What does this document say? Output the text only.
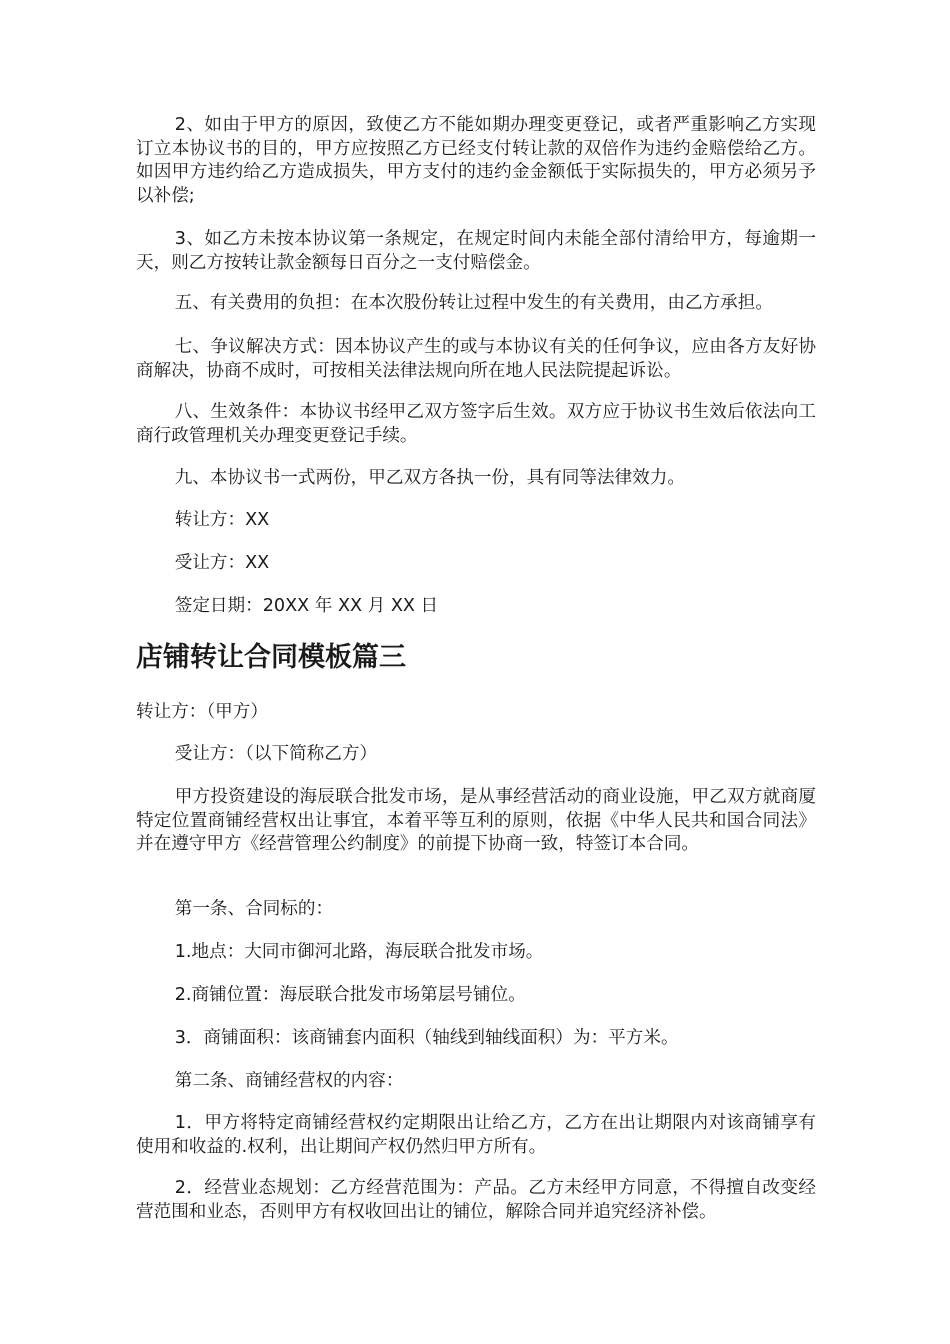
2、如由于甲方的原因，致使乙方不能如期办理变更登记，或者严重影响乙方实现订立本协议书的目的，甲方应按照乙方已经支付转让款的双倍作为违约金赔偿给乙方。如因甲方违约给乙方造成损失，甲方支付的违约金金额低于实际损失的，甲方必须另予以补偿;

3、如乙方未按本协议第一条规定，在规定时间内未能全部付清给甲方，每逾期一天，则乙方按转让款金额每日百分之一支付赔偿金。

五、有关费用的负担：在本次股份转让过程中发生的有关费用，由乙方承担。

七、争议解决方式：因本协议产生的或与本协议有关的任何争议，应由各方友好协商解决，协商不成时，可按相关法律法规向所在地人民法院提起诉讼。

八、生效条件：本协议书经甲乙双方签字后生效。双方应于协议书生效后依法向工商行政管理机关办理变更登记手续。

九、本协议书一式两份，甲乙双方各执一份，具有同等法律效力。

转让方：XX

受让方：XX

签定日期：20XX 年 XX 月 XX 日

店铺转让合同模板篇三

转让方：（甲方）

受让方：（以下简称乙方）

甲方投资建设的海辰联合批发市场，是从事经营活动的商业设施，甲乙双方就商厦特定位置商铺经营权出让事宜，本着平等互利的原则，依据《中华人民共和国合同法》并在遵守甲方《经营管理公约制度》的前提下协商一致，特签订本合同。

第一条、合同标的：

1.地点：大同市御河北路，海辰联合批发市场。

2.商铺位置：海辰联合批发市场第层号铺位。

3．商铺面积：该商铺套内面积（轴线到轴线面积）为：平方米。

第二条、商铺经营权的内容：

1．甲方将特定商铺经营权约定期限出让给乙方，乙方在出让期限内对该商铺享有使用和收益的.权利，出让期间产权仍然归甲方所有。

2．经营业态规划：乙方经营范围为：产品。乙方未经甲方同意，不得擅自改变经营范围和业态，否则甲方有权收回出让的铺位，解除合同并追究经济补偿。
